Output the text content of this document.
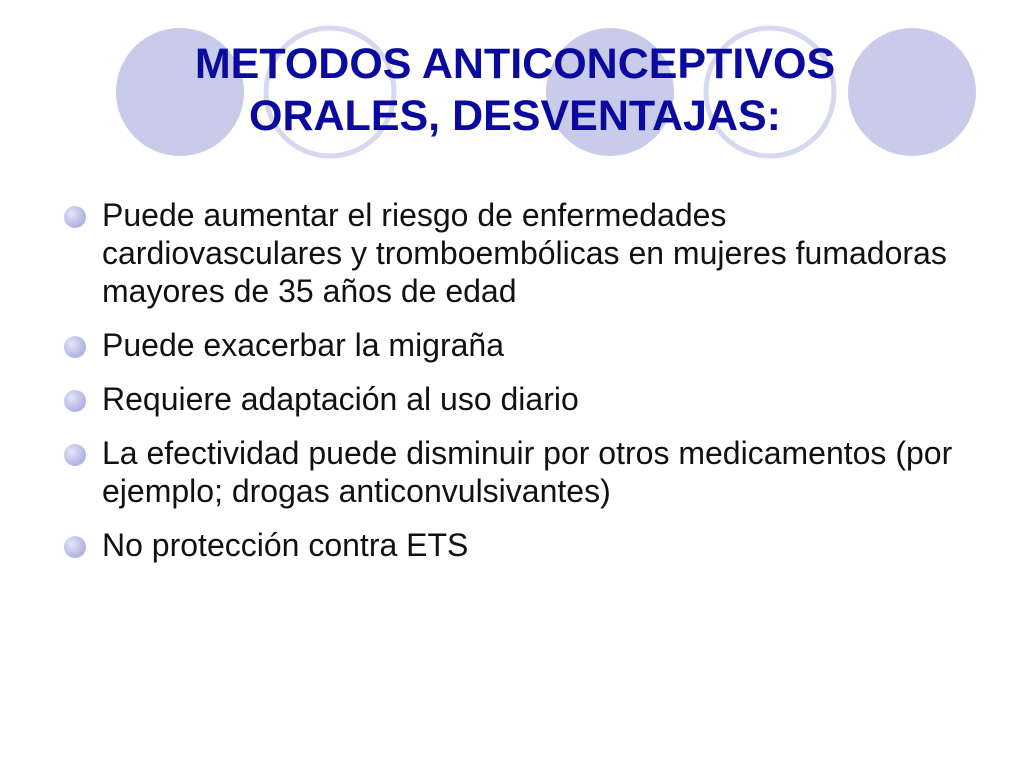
METODOS ANTICONCEPTIVOS
ORALES, DESVENTAJAS:
Puede aumentar el riesgo de enfermedades cardiovasculares y tromboembólicas en mujeres fumadoras mayores de 35 años de edad
Puede exacerbar la migraña
Requiere adaptación al uso diario
La efectividad puede disminuir por otros medicamentos (por ejemplo; drogas anticonvulsivantes)
No protección contra ETS
